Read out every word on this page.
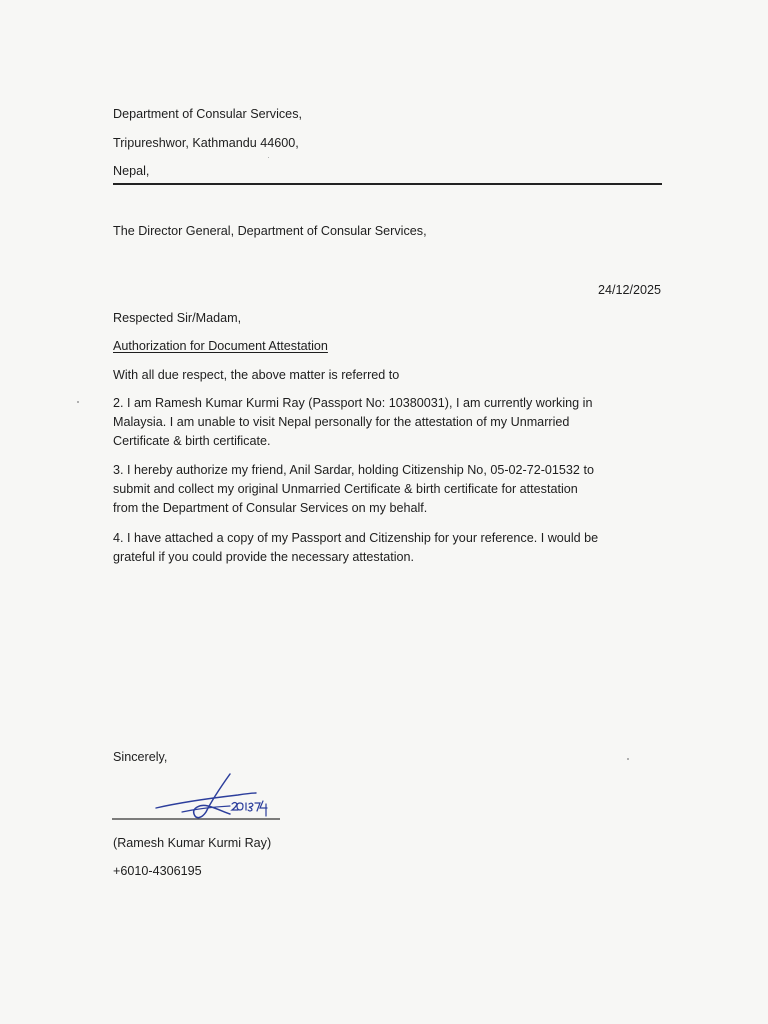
Department of Consular Services,
Tripureshwor, Kathmandu 44600,
Nepal,
The Director General, Department of Consular Services,
24/12/2025
Respected Sir/Madam,
Authorization for Document Attestation
With all due respect, the above matter is referred to
2. I am Ramesh Kumar Kurmi Ray (Passport No: 10380031), I am currently working in
Malaysia. I am unable to visit Nepal personally for the attestation of my Unmarried
Certificate & birth certificate.
3. I hereby authorize my friend, Anil Sardar, holding Citizenship No, 05-02-72-01532 to
submit and collect my original Unmarried Certificate & birth certificate for attestation
from the Department of Consular Services on my behalf.
4. I have attached a copy of my Passport and Citizenship for your reference. I would be
grateful if you could provide the necessary attestation.
Sincerely,
(Ramesh Kumar Kurmi Ray)
+6010-4306195
